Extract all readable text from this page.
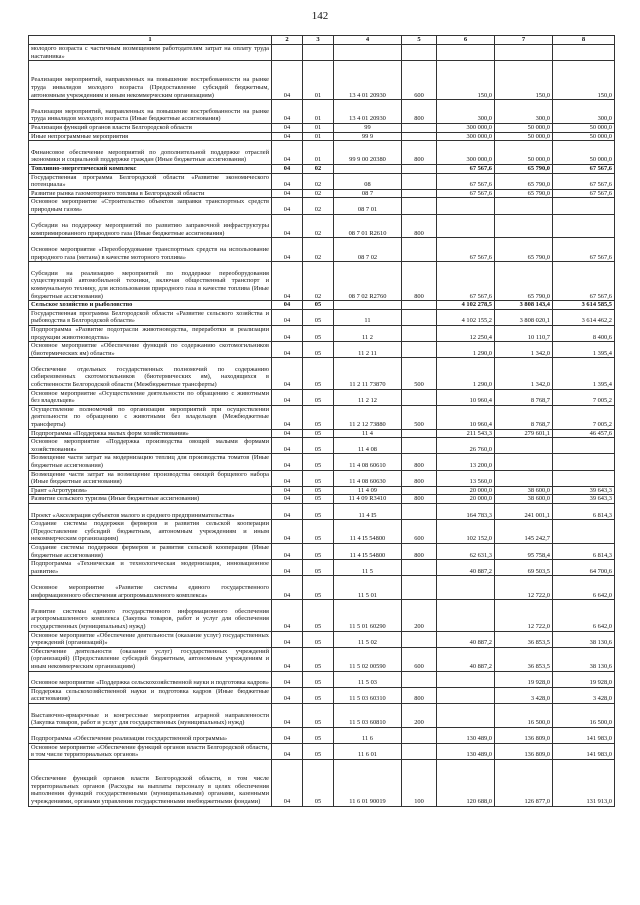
142
1	2	3	4	5	6	7	8
молодого возраста с частичным возмещением работодателям затрат на оплату труда наставника»							
Реализация мероприятий, направленных на повышение востребованности на рынке труда инвалидов молодого возраста (Предоставление субсидий бюджетным, автономным учреждениям и иным некоммерческим организациям)	04	01	13 4 01 20930	600	150,0	150,0	150,0
Реализация мероприятий, направленных на повышение востребованности на рынке труда инвалидов молодого возраста (Иные бюджетные ассигнования)	04	01	13 4 01 20930	800	300,0	300,0	300,0
Реализация функций органов власти Белгородской области	04	01	99		300 000,0	50 000,0	50 000,0
Иные непрограммные мероприятия	04	01	99 9		300 000,0	50 000,0	50 000,0
Финансовое обеспечение мероприятий по дополнительной поддержке отраслей экономики и социальной поддержке граждан (Иные бюджетные ассигнования)	04	01	99 9 00 20380	800	300 000,0	50 000,0	50 000,0
Топливно-энергетический комплекс	04	02			67 567,6	65 790,0	67 567,6
Государственная программа Белгородской области «Развитие экономического потенциала»	04	02	08		67 567,6	65 790,0	67 567,6
Развитие рынка газомоторного топлива в Белгородской области	04	02	08 7		67 567,6	65 790,0	67 567,6
Основное мероприятие «Строительство объектов заправки транспортных средств природным газом»	04	02	08 7 01				
Субсидии на поддержку мероприятий по развитию заправочной инфраструктуры компримированного природного газа (Иные бюджетные ассигнования)	04	02	08 7 01 R2610	800			
Основное мероприятие «Переоборудование транспортных средств на использование природного газа (метана) в качестве моторного топлива»	04	02	08 7 02		67 567,6	65 790,0	67 567,6
Субсидии на реализацию мероприятий по поддержке переоборудования существующей автомобильной техники, включая общественный транспорт и коммунальную технику, для использования природного газа в качестве топлива (Иные бюджетные ассигнования)	04	02	08 7 02 R2760	800	67 567,6	65 790,0	67 567,6
Сельское хозяйство и рыболовство	04	05			4 102 278,5	3 808 143,4	3 614 585,5
Государственная программа Белгородской области «Развитие сельского хозяйства и рыбоводства в Белгородской области»	04	05	11		4 102 155,2	3 808 020,1	3 614 462,2
Подпрограмма «Развитие подотрасли животноводства, переработки и реализации продукции животноводства»	04	05	11 2		12 250,4	10 110,7	8 400,6
Основное мероприятие «Обеспечение функций по содержанию скотомогильников (биотермических ям) области»	04	05	11 2 11		1 290,0	1 342,0	1 395,4
Обеспечение отдельных государственных полномочий по содержанию сибиреязвенных скотомогильников (биотермических ям), находящихся в собственности Белгородской области (Межбюджетные трансферты)	04	05	11 2 11 73870	500	1 290,0	1 342,0	1 395,4
Основное мероприятие «Осуществление деятельности по обращению с животными без владельцев»	04	05	11 2 12		10 960,4	8 768,7	7 005,2
Осуществление полномочий по организации мероприятий при осуществлении деятельности по обращению с животными без владельцев (Межбюджетные трансферты)	04	05	11 2 12 73880	500	10 960,4	8 768,7	7 005,2
Подпрограмма «Поддержка малых форм хозяйствования»	04	05	11 4		211 543,3	279 601,1	46 457,6
Основное мероприятие «Поддержка производства овощей малыми формами хозяйствования»	04	05	11 4 08		26 760,0		
Возмещение части затрат на модернизацию теплиц для производства томатов (Иные бюджетные ассигнования)	04	05	11 4 08 60610	800	13 200,0		
Возмещение части затрат на возмещение производства овощей борщевого набора (Иные бюджетные ассигнования)	04	05	11 4 08 60630	800	13 560,0		
Грант «Агротуризм»	04	05	11 4 09		20 000,0	38 600,0	39 643,3
Развитие сельского туризма (Иные бюджетные ассигнования)	04	05	11 4 09 R3410	800	20 000,0	38 600,0	39 643,3
Проект «Акселерация субъектов малого и среднего предпринимательства»	04	05	11 4 I5		164 783,3	241 001,1	6 814,3
Создание системы поддержки фермеров и развития сельской кооперации (Предоставление субсидий бюджетным, автономным учреждениям и иным некоммерческим организациям)	04	05	11 4 I5 54800	600	102 152,0	145 242,7	
Создание системы поддержки фермеров и развития сельской кооперации (Иные бюджетные ассигнования)	04	05	11 4 I5 54800	800	62 631,3	95 758,4	6 814,3
Подпрограмма «Техническая и технологическая модернизация, инновационное развитие»	04	05	11 5		40 887,2	69 503,5	64 700,6
Основное мероприятие «Развитие системы единого государственного информационного обеспечения агропромышленного комплекса»	04	05	11 5 01			12 722,0	6 642,0
Развитие системы единого государственного информационного обеспечения агропромышленного комплекса (Закупка товаров, работ и услуг для обеспечения государственных (муниципальных) нужд)	04	05	11 5 01 60290	200		12 722,0	6 642,0
Основное мероприятие «Обеспечение деятельности (оказание услуг) государственных учреждений (организаций)»	04	05	11 5 02		40 887,2	36 853,5	38 130,6
Обеспечение деятельности (оказание услуг) государственных учреждений (организаций) (Предоставление субсидий бюджетным, автономным учреждениям и иным некоммерческим организациям)	04	05	11 5 02 00590	600	40 887,2	36 853,5	38 130,6
Основное мероприятие «Поддержка сельскохозяйственной науки и подготовка кадров»	04	05	11 5 03			19 928,0	19 928,0
Поддержка сельскохозяйственной науки и подготовка кадров (Иные бюджетные ассигнования)	04	05	11 5 03 60310	800		3 428,0	3 428,0
Выставочно-ярмарочные и конгрессные мероприятия аграрной направленности (Закупка товаров, работ и услуг для государственных (муниципальных) нужд)	04	05	11 5 03 60810	200		16 500,0	16 500,0
Подпрограмма «Обеспечение реализации государственной программы»	04	05	11 6		130 489,0	136 809,0	141 983,0
Основное мероприятие «Обеспечение функций органов власти Белгородской области, в том числе территориальных органов»	04	05	11 6 01		130 489,0	136 809,0	141 983,0
Обеспечение функций органов власти Белгородской области, в том числе территориальных органов (Расходы на выплаты персоналу в целях обеспечения выполнения функций государственными (муниципальными) органами, казенными учреждениями, органами управления государственными внебюджетными фондами)	04	05	11 6 01 90019	100	120 688,0	126 877,0	131 913,0
